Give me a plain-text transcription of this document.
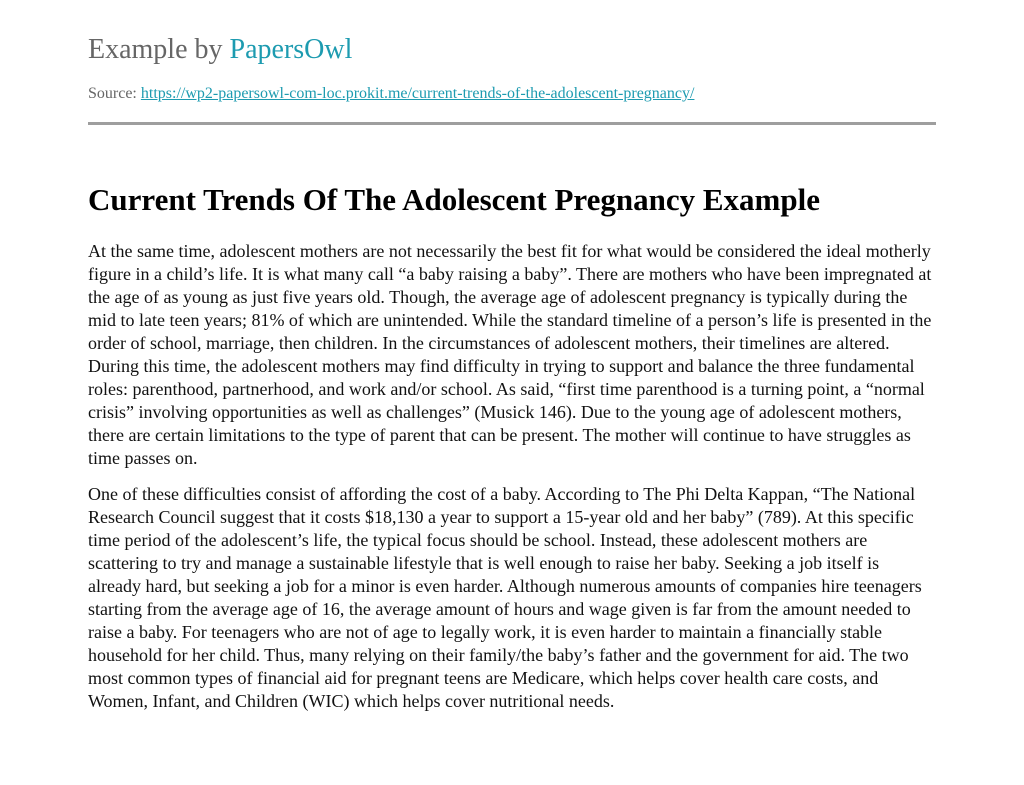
Example by PapersOwl

Source: https://wp2-papersowl-com-loc.prokit.me/current-trends-of-the-adolescent-pregnancy/
Current Trends Of The Adolescent Pregnancy Example

At the same time, adolescent mothers are not necessarily the best fit for what would be considered the ideal motherly figure in a child’s life. It is what many call “a baby raising a baby”. There are mothers who have been impregnated at the age of as young as just five years old. Though, the average age of adolescent pregnancy is typically during the mid to late teen years; 81% of which are unintended. While the standard timeline of a person’s life is presented in the order of school, marriage, then children. In the circumstances of adolescent mothers, their timelines are altered. During this time, the adolescent mothers may find difficulty in trying to support and balance the three fundamental roles: parenthood, partnerhood, and work and/or school. As said, “first time parenthood is a turning point, a “normal crisis” involving opportunities as well as challenges” (Musick 146). Due to the young age of adolescent mothers, there are certain limitations to the type of parent that can be present. The mother will continue to have struggles as time passes on.

One of these difficulties consist of affording the cost of a baby. According to The Phi Delta Kappan, “The National Research Council suggest that it costs $18,130 a year to support a 15-year old and her baby” (789). At this specific time period of the adolescent’s life, the typical focus should be school. Instead, these adolescent mothers are scattering to try and manage a sustainable lifestyle that is well enough to raise her baby. Seeking a job itself is already hard, but seeking a job for a minor is even harder. Although numerous amounts of companies hire teenagers starting from the average age of 16, the average amount of hours and wage given is far from the amount needed to raise a baby. For teenagers who are not of age to legally work, it is even harder to maintain a financially stable household for her child. Thus, many relying on their family/the baby’s father and the government for aid. The two most common types of financial aid for pregnant teens are Medicare, which helps cover health care costs, and Women, Infant, and Children (WIC) which helps cover nutritional needs.
